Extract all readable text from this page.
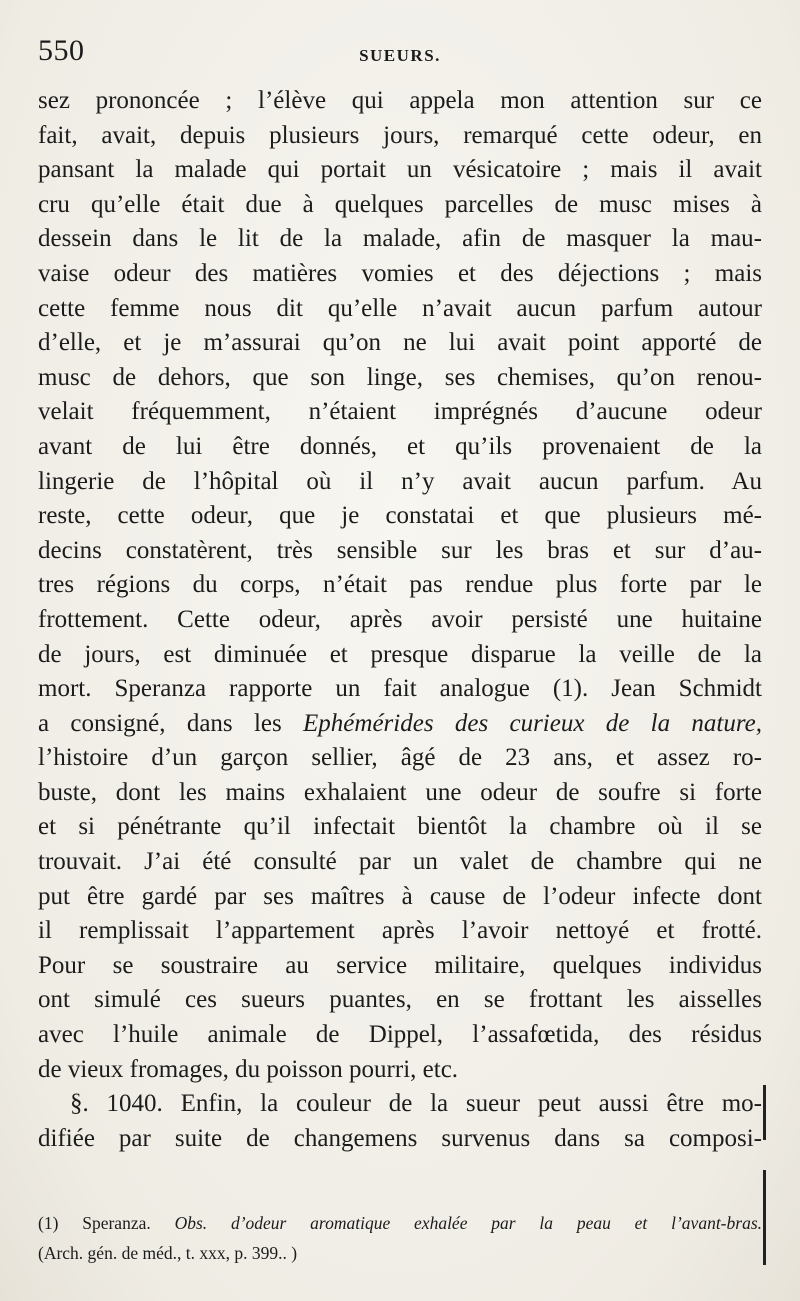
550	SUEURS.
sez prononcée ; l’élève qui appela mon attention sur ce
fait, avait, depuis plusieurs jours, remarqué cette odeur, en
pansant la malade qui portait un vésicatoire ; mais il avait
cru qu’elle était due à quelques parcelles de musc mises à
dessein dans le lit de la malade, afin de masquer la mau-
vaise odeur des matières vomies et des déjections ; mais
cette femme nous dit qu’elle n’avait aucun parfum autour
d’elle, et je m’assurai qu’on ne lui avait point apporté de
musc de dehors, que son linge, ses chemises, qu’on renou-
velait fréquemment, n’étaient imprégnés d’aucune odeur
avant de lui être donnés, et qu’ils provenaient de la
lingerie de l’hôpital où il n’y avait aucun parfum. Au
reste, cette odeur, que je constatai et que plusieurs mé-
decins constatèrent, très sensible sur les bras et sur d’au-
tres régions du corps, n’était pas rendue plus forte par le
frottement. Cette odeur, après avoir persisté une huitaine
de jours, est diminuée et presque disparue la veille de la
mort. Speranza rapporte un fait analogue (1). Jean Schmidt
a consigné, dans les Ephémérides des curieux de la nature,
l’histoire d’un garçon sellier, âgé de 23 ans, et assez ro-
buste, dont les mains exhalaient une odeur de soufre si forte
et si pénétrante qu’il infectait bientôt la chambre où il se
trouvait. J’ai été consulté par un valet de chambre qui ne
put être gardé par ses maîtres à cause de l’odeur infecte dont
il remplissait l’appartement après l’avoir nettoyé et frotté.
Pour se soustraire au service militaire, quelques individus
ont simulé ces sueurs puantes, en se frottant les aisselles
avec l’huile animale de Dippel, l’assafœtida, des résidus
de vieux fromages, du poisson pourri, etc.
§. 1040. Enfin, la couleur de la sueur peut aussi être mo-
difiée par suite de changemens survenus dans sa composi-
(1) Speranza. Obs. d’odeur aromatique exhalée par la peau et l’avant-bras.
(Arch. gén. de méd., t. xxx, p. 399.. )
